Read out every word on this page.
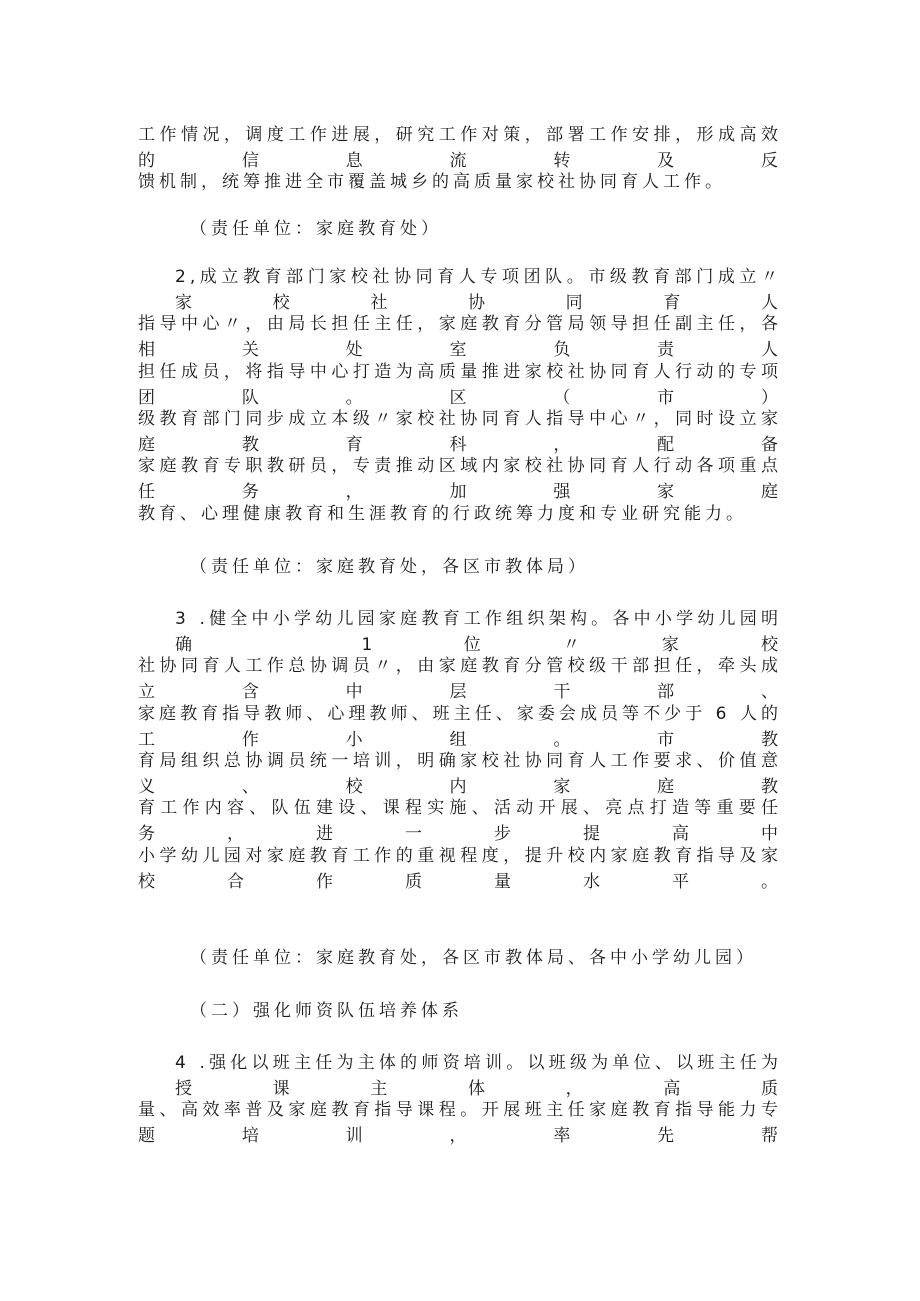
工作情况，调度工作进展，研究工作对策，部署工作安排，形成高效的信息流转及反
馈机制，统筹推进全市覆盖城乡的高质量家校社协同育人工作。
（责任单位：家庭教育处）
2,成立教育部门家校社协同育人专项团队。市级教育部门成立〃家校社协同育人
指导中心〃，由局长担任主任，家庭教育分管局领导担任副主任，各相关处室负责人
担任成员，将指导中心打造为高质量推进家校社协同育人行动的专项团队。区（市）
级教育部门同步成立本级〃家校社协同育人指导中心〃，同时设立家庭教育科，配备
家庭教育专职教研员，专责推动区域内家校社协同育人行动各项重点任务，加强家庭
教育、心理健康教育和生涯教育的行政统筹力度和专业研究能力。
（责任单位：家庭教育处，各区市教体局）
3 .健全中小学幼儿园家庭教育工作组织架构。各中小学幼儿园明确 1 位〃家校
社协同育人工作总协调员〃，由家庭教育分管校级干部担任，牵头成立含中层干部、
家庭教育指导教师、心理教师、班主任、家委会成员等不少于 6 人的工作小组。市教
育局组织总协调员统一培训，明确家校社协同育人工作要求、价值意义、校内家庭教
育工作内容、队伍建设、课程实施、活动开展、亮点打造等重要任务，进一步提高中
小学幼儿园对家庭教育工作的重视程度，提升校内家庭教育指导及家校合作质量水平。
（责任单位：家庭教育处，各区市教体局、各中小学幼儿园）
（二）强化师资队伍培养体系
4 .强化以班主任为主体的师资培训。以班级为单位、以班主任为授课主体，高质
量、高效率普及家庭教育指导课程。开展班主任家庭教育指导能力专题培训，率先帮
